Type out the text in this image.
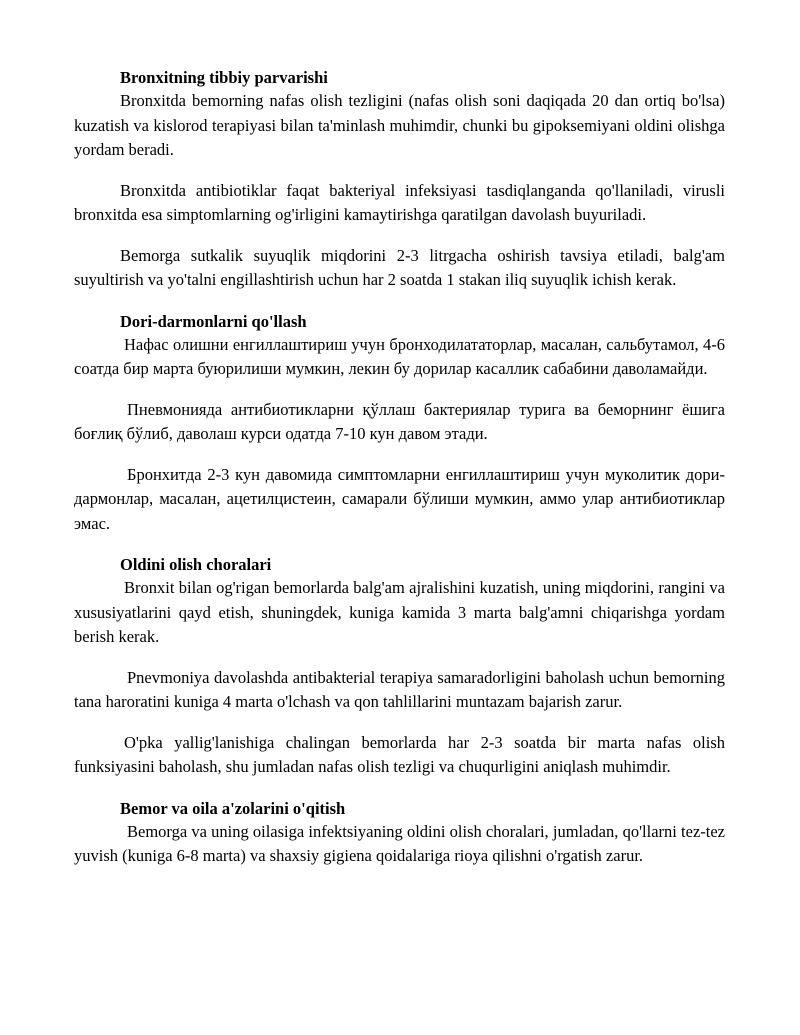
Bronxitning tibbiy parvarishi

Bronxitda bemorning nafas olish tezligini (nafas olish soni daqiqada 20 dan ortiq bo'lsa) kuzatish va kislorod terapiyasi bilan ta'minlash muhimdir, chunki bu gipoksemiyani oldini olishga yordam beradi.

Bronxitda antibiotiklar faqat bakteriyal infeksiyasi tasdiqlanganda qo'llaniladi, virusli bronxitda esa simptomlarning og'irligini kamaytirishga qaratilgan davolash buyuriladi.

Bemorga sutkalik suyuqlik miqdorini 2-3 litrgacha oshirish tavsiya etiladi, balg'am suyultirish va yo'talni engillashtirish uchun har 2 soatda 1 stakan iliq suyuqlik ichish kerak.

Dori-darmonlarni qo'llash

Нафас олишни енгиллаштириш учун бронходилататорлар, масалан, сальбутамол, 4-6 соатда бир марта буюрилиши мумкин, лекин бу дорилар касаллик сабабини даволамайди.

Пневмонияда антибиотикларни қўллаш бактериялар турига ва беморнинг ёшига боғлиқ бўлиб, даволаш курси одатда 7-10 кун давом этади.

Бронхитда 2-3 кун давомида симптомларни енгиллаштириш учун муколитик дори-дармонлар, масалан, ацетилцистеин, самарали бўлиши мумкин, аммо улар антибиотиклар эмас.

Oldini olish choralari

Bronxit bilan og'rigan bemorlarda balg'am ajralishini kuzatish, uning miqdorini, rangini va xususiyatlarini qayd etish, shuningdek, kuniga kamida 3 marta balg'amni chiqarishga yordam berish kerak.

Pnevmoniya davolashda antibakterial terapiya samaradorligini baholash uchun bemorning tana haroratini kuniga 4 marta o'lchash va qon tahlillarini muntazam bajarish zarur.

O'pka yallig'lanishiga chalingan bemorlarda har 2-3 soatda bir marta nafas olish funksiyasini baholash, shu jumladan nafas olish tezligi va chuqurligini aniqlash muhimdir.

Bemor va oila a'zolarini o'qitish

Bemorga va uning oilasiga infektsiyaning oldini olish choralari, jumladan, qo'llarni tez-tez yuvish (kuniga 6-8 marta) va shaxsiy gigiena qoidalariga rioya qilishni o'rgatish zarur.
